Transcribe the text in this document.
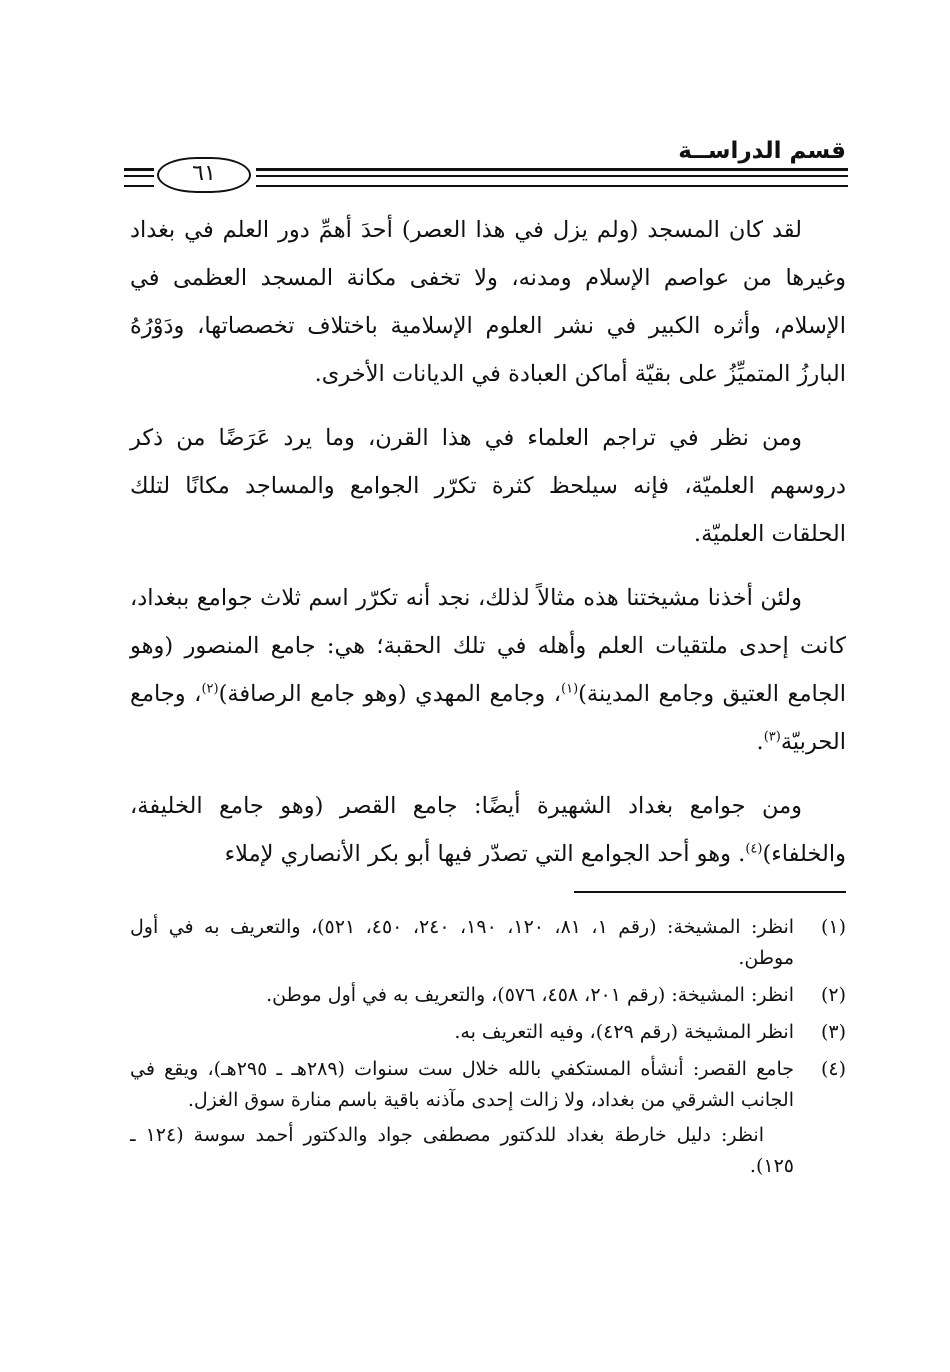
قسم الدراســة
٦١

لقد كان المسجد (ولم يزل في هذا العصر) أحدَ أهمِّ دور العلم في بغداد وغيرها من عواصم الإسلام ومدنه، ولا تخفى مكانة المسجد العظمى في الإسلام، وأثره الكبير في نشر العلوم الإسلامية باختلاف تخصصاتها، ودَوْرُهُ البارزُ المتميِّزُ على بقيّة أماكن العبادة في الديانات الأخرى.

ومن نظر في تراجم العلماء في هذا القرن، وما يرد عَرَضًا من ذكر دروسهم العلميّة، فإنه سيلحظ كثرة تكرّر الجوامع والمساجد مكانًا لتلك الحلقات العلميّة.

ولئن أخذنا مشيختنا هذه مثالاً لذلك، نجد أنه تكرّر اسم ثلاث جوامع ببغداد، كانت إحدى ملتقيات العلم وأهله في تلك الحقبة؛ هي: جامع المنصور (وهو الجامع العتيق وجامع المدينة)$^{(١)}$، وجامع المهدي (وهو جامع الرصافة)$^{(٢)}$، وجامع الحربيّة$^{(٣)}$.

ومن جوامع بغداد الشهيرة أيضًا: جامع القصر (وهو جامع الخليفة، والخلفاء)$^{(٤)}$. وهو أحد الجوامع التي تصدّر فيها أبو بكر الأنصاري لإملاء

(١)
انظر: المشيخة: (رقم ١، ٨١، ١٢٠، ١٩٠، ٢٤٠، ٤٥٠، ٥٢١)، والتعريف به في أول موطن.
(٢)
انظر: المشيخة: (رقم ٢٠١، ٤٥٨، ٥٧٦)، والتعريف به في أول موطن.
(٣)
انظر المشيخة (رقم ٤٢٩)، وفيه التعريف به.
(٤)
جامع القصر: أنشأه المستكفي بالله خلال ست سنوات (٢٨٩هـ ـ ٢٩٥هـ)، ويقع في الجانب الشرقي من بغداد، ولا زالت إحدى مآذنه باقية باسم منارة سوق الغزل.
انظر: دليل خارطة بغداد للدكتور مصطفى جواد والدكتور أحمد سوسة (١٢٤ ـ ١٢٥).
